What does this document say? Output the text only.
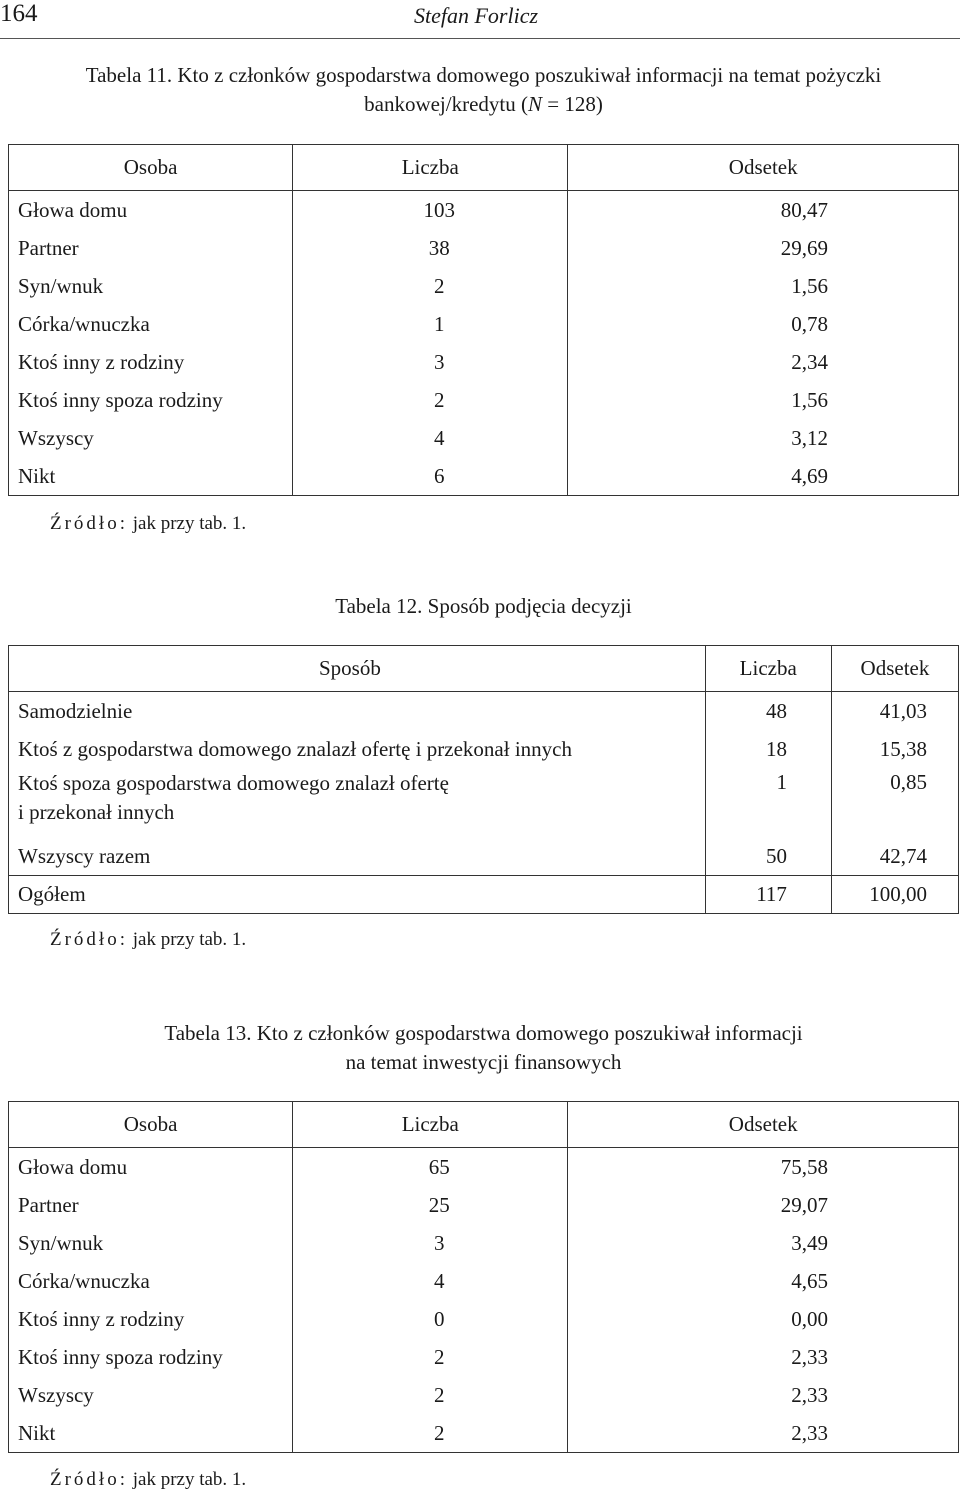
164	Stefan Forlicz
Tabela 11. Kto z członków gospodarstwa domowego poszukiwał informacji na temat pożyczki
bankowej/kredytu (N = 128)
Osoba	Liczba	Odsetek
Głowa domu	103	80,47
Partner	38	29,69
Syn/wnuk	2	1,56
Córka/wnuczka	1	0,78
Ktoś inny z rodziny	3	2,34
Ktoś inny spoza rodziny	2	1,56
Wszyscy	4	3,12
Nikt	6	4,69
Źródło: jak przy tab. 1.
Tabela 12. Sposób podjęcia decyzji
Sposób	Liczba	Odsetek
Samodzielnie	48	41,03
Ktoś z gospodarstwa domowego znalazł ofertę i przekonał innych	18	15,38

Ktoś spoza gospodarstwa domowego znalazł ofertę
i przekonał innych	1	0,85
Wszyscy razem	50	42,74
Ogółem	117	100,00
Źródło: jak przy tab. 1.
Tabela 13. Kto z członków gospodarstwa domowego poszukiwał informacji
na temat inwestycji finansowych
Osoba	Liczba	Odsetek
Głowa domu	65	75,58
Partner	25	29,07
Syn/wnuk	3	3,49
Córka/wnuczka	4	4,65
Ktoś inny z rodziny	0	0,00
Ktoś inny spoza rodziny	2	2,33
Wszyscy	2	2,33
Nikt	2	2,33
Źródło: jak przy tab. 1.
